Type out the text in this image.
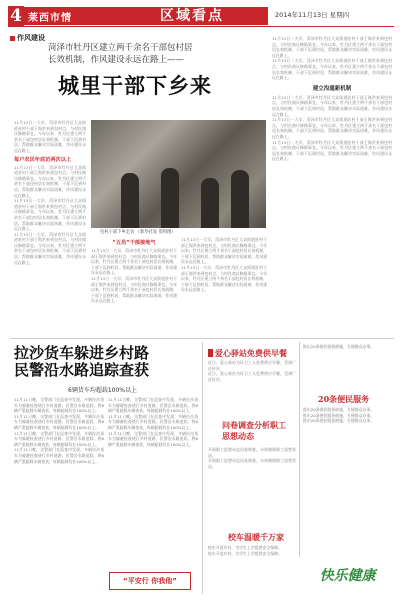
4 莱西市情	区域看点	2014年11月13日 星期四
作风建设
菏泽市牡丹区建立两千余名干部包村居长效机制，作风建设永远在路上——
城里干部下乡来
11月13日一大早，菏泽市牡丹区大众街道驻村干部王海洪来到包村点，与村民商议修路事宜。今年以来，牡丹区建立两千余名干部包村居长效机制，干部下沉到村居，帮助群众解决实际困难，作风建设永远在路上。
每户农民年底访两次以上
11月13日一大早，菏泽市牡丹区大众街道驻村干部王海洪来到包村点，与村民商议修路事宜。今年以来，牡丹区建立两千余名干部包村居长效机制，干部下沉到村居，帮助群众解决实际困难，作风建设永远在路上。
11月13日一大早，菏泽市牡丹区大众街道驻村干部王海洪来到包村点，与村民商议修路事宜。今年以来，牡丹区建立两千余名干部包村居长效机制，干部下沉到村居，帮助群众解决实际困难，作风建设永远在路上。
11月13日一大早，菏泽市牡丹区大众街道驻村干部王海洪来到包村点，与村民商议修路事宜。今年以来，牡丹区建立两千余名干部包村居长效机制，干部下沉到村居，帮助群众解决实际困难，作风建设永远在路上。
包村干部下乡走访 （新华社发 资料图）
“五员”干部接地气
11月13日一大早，菏泽市牡丹区大众街道驻村干部王海洪来到包村点，与村民商议修路事宜。今年以来，牡丹区建立两千余名干部包村居长效机制，干部下沉到村居，帮助群众解决实际困难，作风建设永远在路上。
11月13日一大早，菏泽市牡丹区大众街道驻村干部王海洪来到包村点，与村民商议修路事宜。今年以来，牡丹区建立两千余名干部包村居长效机制，干部下沉到村居，帮助群众解决实际困难，作风建设永远在路上。
11月13日一大早，菏泽市牡丹区大众街道驻村干部王海洪来到包村点，与村民商议修路事宜。今年以来，牡丹区建立两千余名干部包村居长效机制，干部下沉到村居，帮助群众解决实际困难，作风建设永远在路上。
11月13日一大早，菏泽市牡丹区大众街道驻村干部王海洪来到包村点，与村民商议修路事宜。今年以来，牡丹区建立两千余名干部包村居长效机制，干部下沉到村居，帮助群众解决实际困难，作风建设永远在路上。
11月13日一大早，菏泽市牡丹区大众街道驻村干部王海洪来到包村点，与村民商议修路事宜。今年以来，牡丹区建立两千余名干部包村居长效机制，干部下沉到村居，帮助群众解决实际困难，作风建设永远在路上。
11月13日一大早，菏泽市牡丹区大众街道驻村干部王海洪来到包村点，与村民商议修路事宜。今年以来，牡丹区建立两千余名干部包村居长效机制，干部下沉到村居，帮助群众解决实际困难，作风建设永远在路上。
建立沟通新机制
11月13日一大早，菏泽市牡丹区大众街道驻村干部王海洪来到包村点，与村民商议修路事宜。今年以来，牡丹区建立两千余名干部包村居长效机制，干部下沉到村居，帮助群众解决实际困难，作风建设永远在路上。
11月13日一大早，菏泽市牡丹区大众街道驻村干部王海洪来到包村点，与村民商议修路事宜。今年以来，牡丹区建立两千余名干部包村居长效机制，干部下沉到村居，帮助群众解决实际困难，作风建设永远在路上。
11月13日一大早，菏泽市牡丹区大众街道驻村干部王海洪来到包村点，与村民商议修路事宜。今年以来，牡丹区建立两千余名干部包村居长效机制，干部下沉到村居，帮助群众解决实际困难，作风建设永远在路上。
拉沙货车躲进乡村路
民警沿水路追踪查获
6辆货车均超载100%以上
11月11日晚，交警部门在巡查中发现，多辆拉沙货车为躲避检查绕行乡村道路，民警沿水路追踪，将6辆严重超载车辆查获，每辆超载均在100%以上。
11月11日晚，交警部门在巡查中发现，多辆拉沙货车为躲避检查绕行乡村道路，民警沿水路追踪，将6辆严重超载车辆查获，每辆超载均在100%以上。
11月11日晚，交警部门在巡查中发现，多辆拉沙货车为躲避检查绕行乡村道路，民警沿水路追踪，将6辆严重超载车辆查获，每辆超载均在100%以上。
11月11日晚，交警部门在巡查中发现，多辆拉沙货车为躲避检查绕行乡村道路，民警沿水路追踪，将6辆严重超载车辆查获，每辆超载均在100%以上。
11月11日晚，交警部门在巡查中发现，多辆拉沙货车为躲避检查绕行乡村道路，民警沿水路追踪，将6辆严重超载车辆查获，每辆超载均在100%以上。
11月11日晚，交警部门在巡查中发现，多辆拉沙货车为躲避检查绕行乡村道路，民警沿水路追踪，将6辆严重超载车辆查获，每辆超载均在100%以上。
11月11日晚，交警部门在巡查中发现，多辆拉沙货车为躲避检查绕行乡村道路，民警沿水路追踪，将6辆严重超载车辆查获，每辆超载均在100%以上。
“平安行 你我他”
爱心驿站免费供早餐
近日，爱心驿站为环卫工人免费供应早餐，受到广泛好评。
近日，爱心驿站为环卫工人免费供应早餐，受到广泛好评。
问卷调查分析职工思想动态
开展职工思想动态问卷调查，分析梳理职工思想状况。
开展职工思想动态问卷调查，分析梳理职工思想状况。
校车温暖千万家
校车开进乡村，为学生上学提供安全保障。
校车开进乡村，为学生上学提供安全保障。
推出20条便民服务措施，方便群众办事。
20条便民服务
推出20条便民服务措施，方便群众办事。
推出20条便民服务措施，方便群众办事。
推出20条便民服务措施，方便群众办事。
快乐健康
